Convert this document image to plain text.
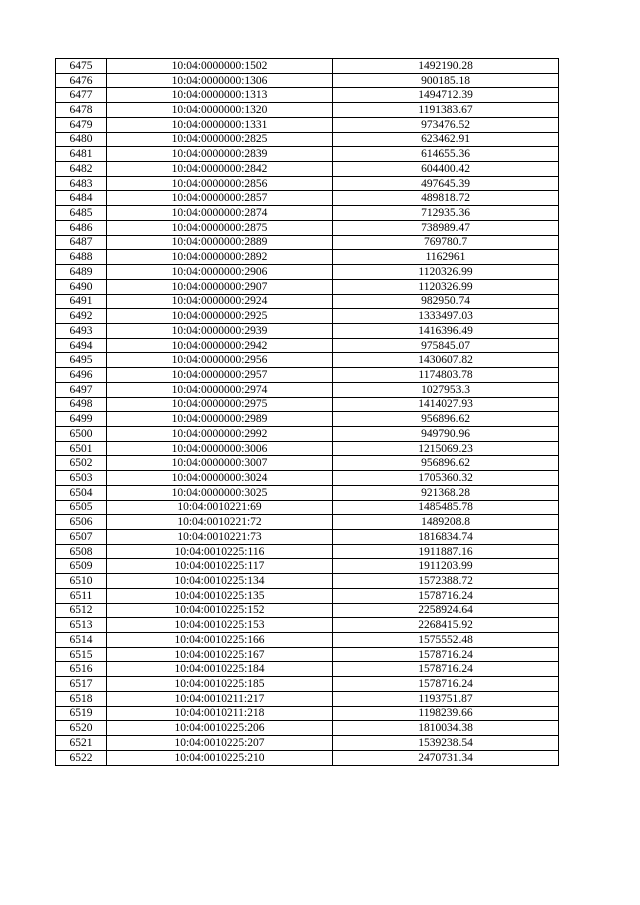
6475	10:04:0000000:1502	1492190.28
6476	10:04:0000000:1306	900185.18
6477	10:04:0000000:1313	1494712.39
6478	10:04:0000000:1320	1191383.67
6479	10:04:0000000:1331	973476.52
6480	10:04:0000000:2825	623462.91
6481	10:04:0000000:2839	614655.36
6482	10:04:0000000:2842	604400.42
6483	10:04:0000000:2856	497645.39
6484	10:04:0000000:2857	489818.72
6485	10:04:0000000:2874	712935.36
6486	10:04:0000000:2875	738989.47
6487	10:04:0000000:2889	769780.7
6488	10:04:0000000:2892	1162961
6489	10:04:0000000:2906	1120326.99
6490	10:04:0000000:2907	1120326.99
6491	10:04:0000000:2924	982950.74
6492	10:04:0000000:2925	1333497.03
6493	10:04:0000000:2939	1416396.49
6494	10:04:0000000:2942	975845.07
6495	10:04:0000000:2956	1430607.82
6496	10:04:0000000:2957	1174803.78
6497	10:04:0000000:2974	1027953.3
6498	10:04:0000000:2975	1414027.93
6499	10:04:0000000:2989	956896.62
6500	10:04:0000000:2992	949790.96
6501	10:04:0000000:3006	1215069.23
6502	10:04:0000000:3007	956896.62
6503	10:04:0000000:3024	1705360.32
6504	10:04:0000000:3025	921368.28
6505	10:04:0010221:69	1485485.78
6506	10:04:0010221:72	1489208.8
6507	10:04:0010221:73	1816834.74
6508	10:04:0010225:116	1911887.16
6509	10:04:0010225:117	1911203.99
6510	10:04:0010225:134	1572388.72
6511	10:04:0010225:135	1578716.24
6512	10:04:0010225:152	2258924.64
6513	10:04:0010225:153	2268415.92
6514	10:04:0010225:166	1575552.48
6515	10:04:0010225:167	1578716.24
6516	10:04:0010225:184	1578716.24
6517	10:04:0010225:185	1578716.24
6518	10:04:0010211:217	1193751.87
6519	10:04:0010211:218	1198239.66
6520	10:04:0010225:206	1810034.38
6521	10:04:0010225:207	1539238.54
6522	10:04:0010225:210	2470731.34
